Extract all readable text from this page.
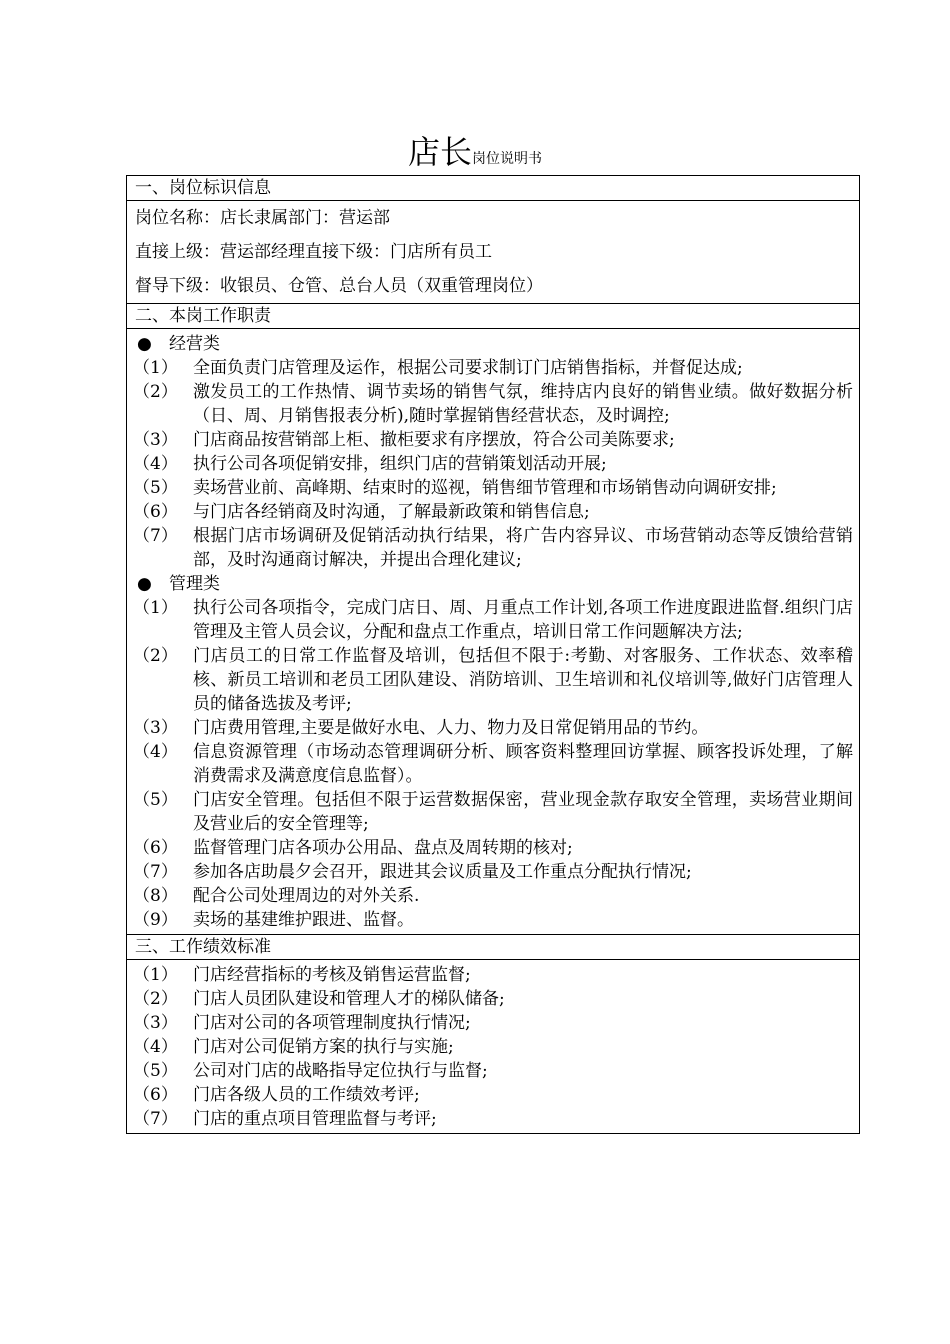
店长岗位说明书
一、岗位标识信息
岗位名称：店长隶属部门：营运部
直接上级：营运部经理直接下级：门店所有员工
督导下级：收银员、仓管、总台人员（双重管理岗位）
二、本岗工作职责
● 经营类
（1） 全面负责门店管理及运作，根据公司要求制订门店销售指标，并督促达成;
（2） 激发员工的工作热情、调节卖场的销售气氛，维持店内良好的销售业绩。做好数据分析（日、周、月销售报表分析),随时掌握销售经营状态，及时调控;
（3） 门店商品按营销部上柜、撤柜要求有序摆放，符合公司美陈要求;
（4） 执行公司各项促销安排，组织门店的营销策划活动开展;
（5） 卖场营业前、高峰期、结束时的巡视，销售细节管理和市场销售动向调研安排;
（6） 与门店各经销商及时沟通，了解最新政策和销售信息;
（7） 根据门店市场调研及促销活动执行结果，将广告内容异议、市场营销动态等反馈给营销部，及时沟通商讨解决，并提出合理化建议;
● 管理类
（1） 执行公司各项指令，完成门店日、周、月重点工作计划,各项工作进度跟进监督.组织门店管理及主管人员会议，分配和盘点工作重点，培训日常工作问题解决方法;
（2） 门店员工的日常工作监督及培训，包括但不限于:考勤、对客服务、工作状态、效率稽核、新员工培训和老员工团队建设、消防培训、卫生培训和礼仪培训等,做好门店管理人员的储备选拔及考评;
（3） 门店费用管理,主要是做好水电、人力、物力及日常促销用品的节约。
（4） 信息资源管理（市场动态管理调研分析、顾客资料整理回访掌握、顾客投诉处理，了解消费需求及满意度信息监督）。
（5） 门店安全管理。包括但不限于运营数据保密，营业现金款存取安全管理，卖场营业期间及营业后的安全管理等;
（6） 监督管理门店各项办公用品、盘点及周转期的核对;
（7） 参加各店助晨夕会召开，跟进其会议质量及工作重点分配执行情况;
（8） 配合公司处理周边的对外关系.
（9） 卖场的基建维护跟进、监督。
三、工作绩效标准
（1） 门店经营指标的考核及销售运营监督;
（2） 门店人员团队建设和管理人才的梯队储备;
（3） 门店对公司的各项管理制度执行情况;
（4） 门店对公司促销方案的执行与实施;
（5） 公司对门店的战略指导定位执行与监督;
（6） 门店各级人员的工作绩效考评;
（7） 门店的重点项目管理监督与考评;
